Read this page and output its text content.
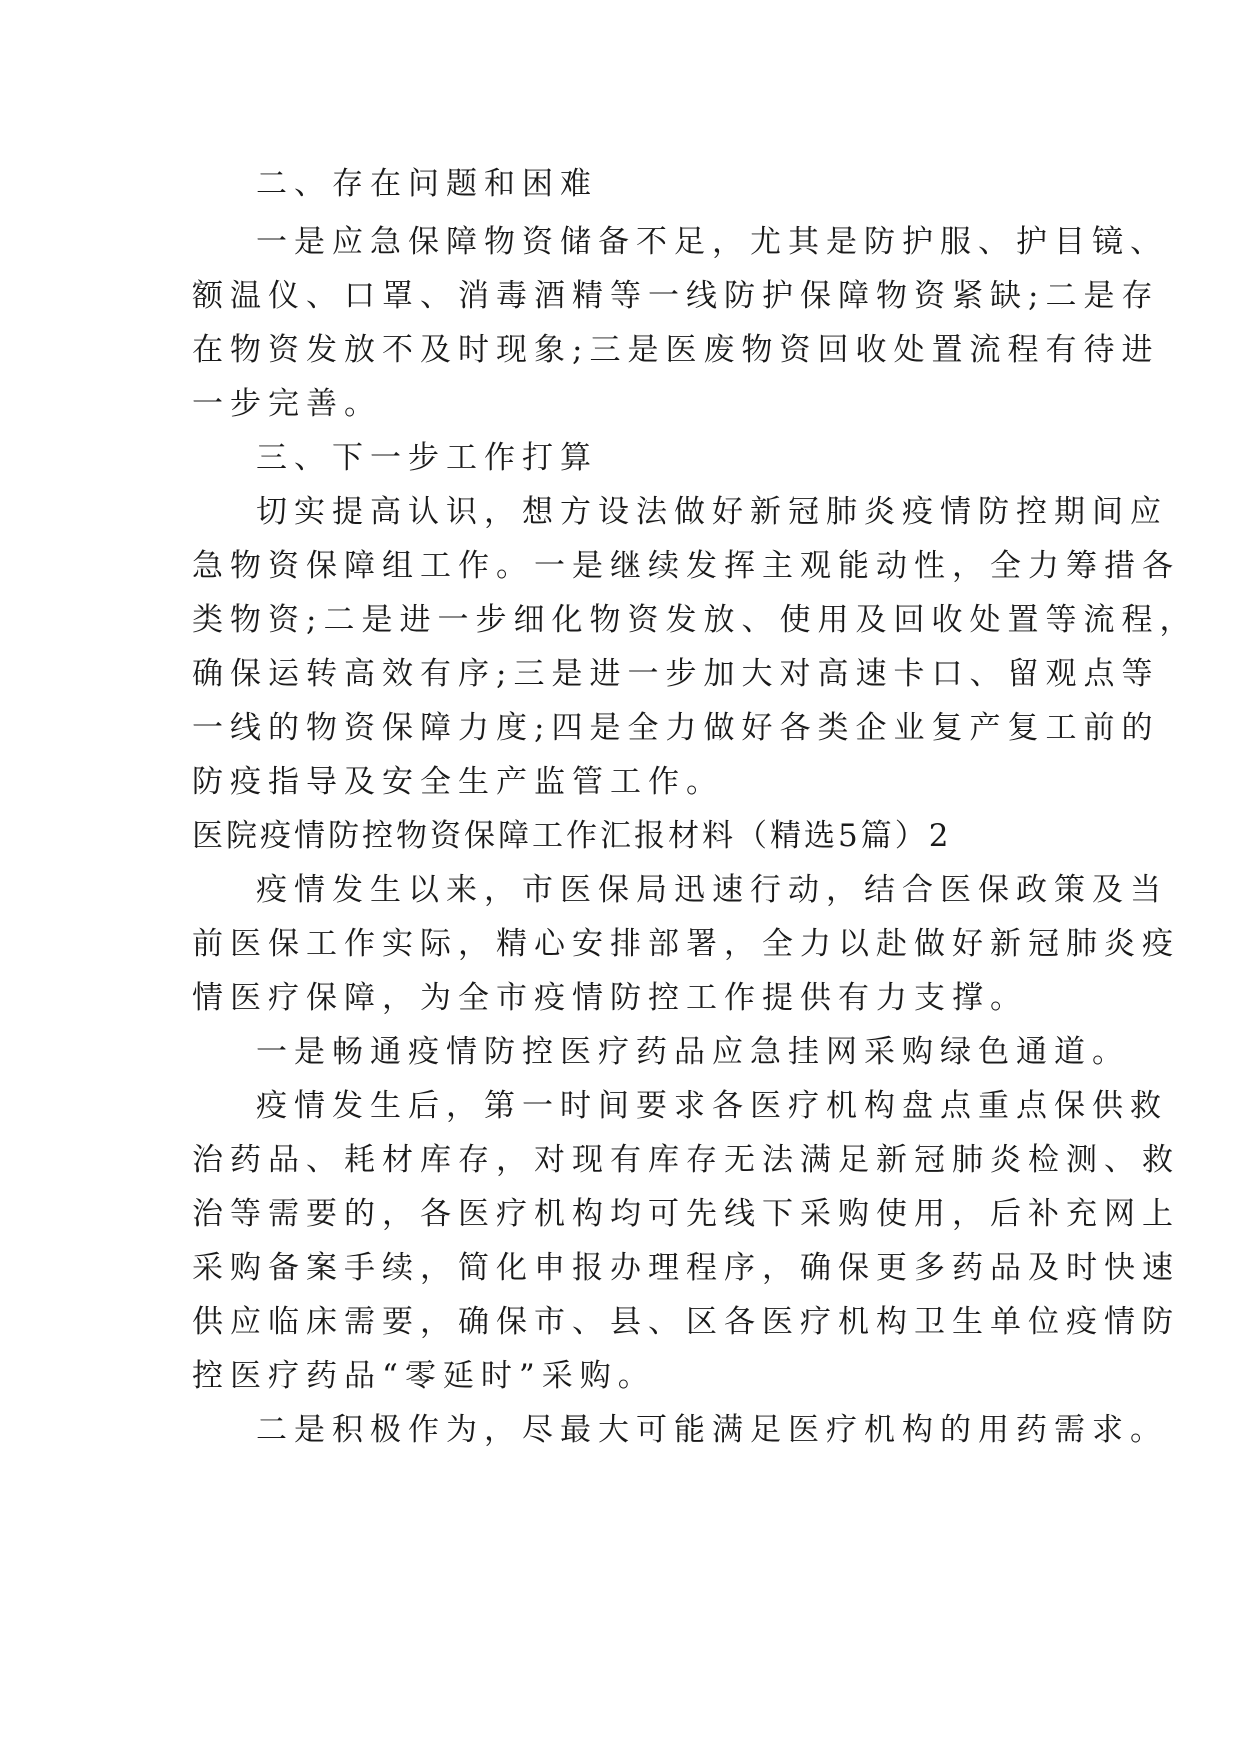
二、存在问题和困难
一是应急保障物资储备不足，尤其是防护服、护目镜、
额温仪、口罩、消毒酒精等一线防护保障物资紧缺;二是存
在物资发放不及时现象;三是医废物资回收处置流程有待进
一步完善。
三、下一步工作打算
切实提高认识，想方设法做好新冠肺炎疫情防控期间应
急物资保障组工作。一是继续发挥主观能动性，全力筹措各
类物资;二是进一步细化物资发放、使用及回收处置等流程，
确保运转高效有序;三是进一步加大对高速卡口、留观点等
一线的物资保障力度;四是全力做好各类企业复产复工前的
防疫指导及安全生产监管工作。
医院疫情防控物资保障工作汇报材料（精选5篇）2
疫情发生以来，市医保局迅速行动，结合医保政策及当
前医保工作实际，精心安排部署，全力以赴做好新冠肺炎疫
情医疗保障，为全市疫情防控工作提供有力支撑。
一是畅通疫情防控医疗药品应急挂网采购绿色通道。
疫情发生后，第一时间要求各医疗机构盘点重点保供救
治药品、耗材库存，对现有库存无法满足新冠肺炎检测、救
治等需要的，各医疗机构均可先线下采购使用，后补充网上
采购备案手续，简化申报办理程序，确保更多药品及时快速
供应临床需要，确保市、县、区各医疗机构卫生单位疫情防
控医疗药品“零延时”采购。
二是积极作为，尽最大可能满足医疗机构的用药需求。
